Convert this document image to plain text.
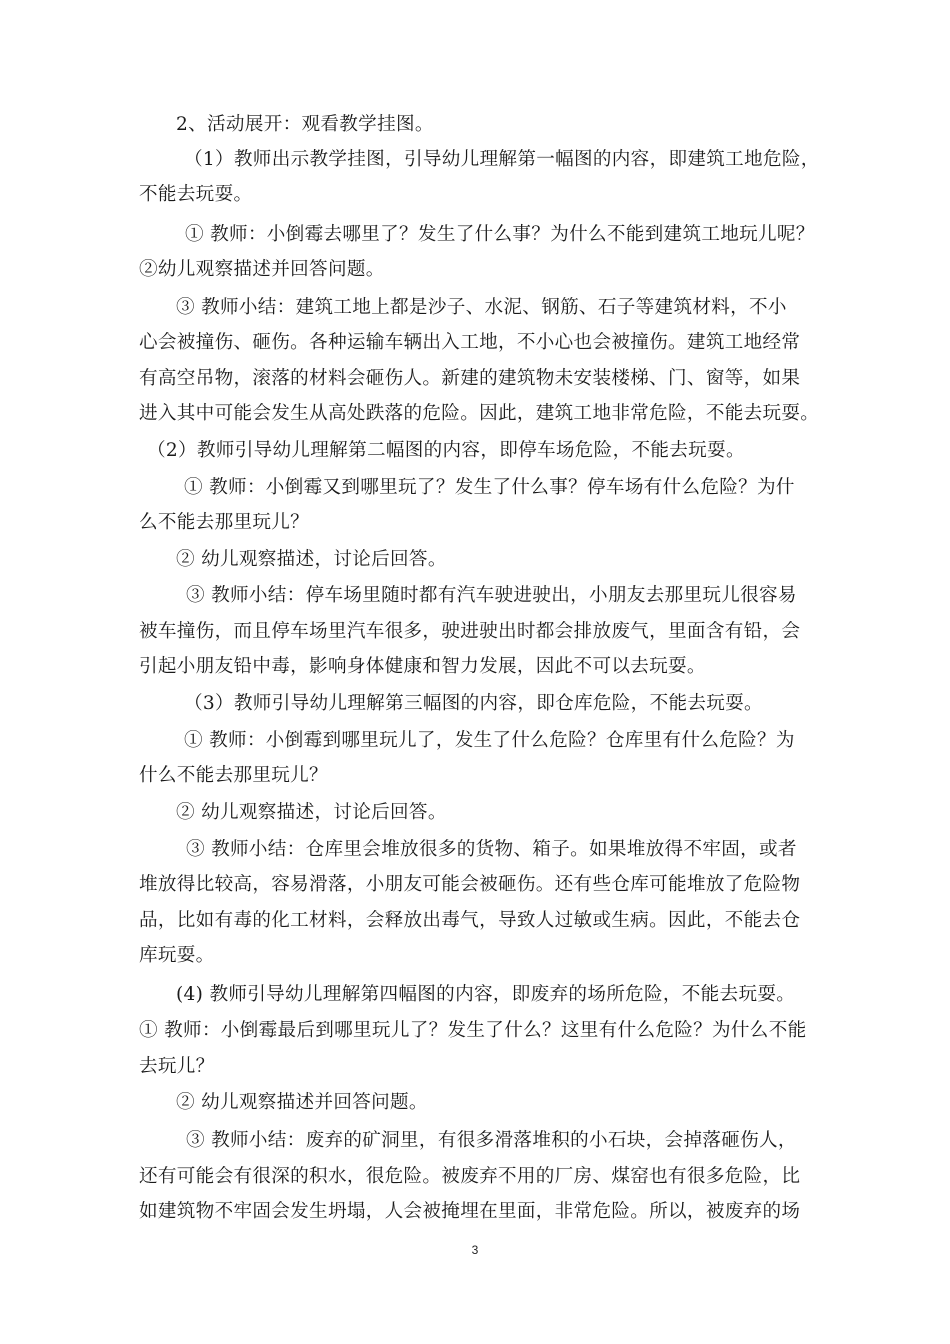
2、活动展开：观看教学挂图。
（1）教师出示教学挂图，引导幼儿理解第一幅图的内容，即建筑工地危险，
不能去玩耍。
① 教师：小倒霉去哪里了？发生了什么事？为什么不能到建筑工地玩儿呢？
②幼儿观察描述并回答问题。
③ 教师小结：建筑工地上都是沙子、水泥、钢筋、石子等建筑材料，不小
心会被撞伤、砸伤。各种运输车辆出入工地，不小心也会被撞伤。建筑工地经常
有高空吊物，滚落的材料会砸伤人。新建的建筑物未安装楼梯、门、窗等，如果
进入其中可能会发生从高处跌落的危险。因此，建筑工地非常危险，不能去玩耍。
（2）教师引导幼儿理解第二幅图的内容，即停车场危险，不能去玩耍。
① 教师：小倒霉又到哪里玩了？发生了什么事？停车场有什么危险？为什
么不能去那里玩儿？
② 幼儿观察描述，讨论后回答。
③ 教师小结：停车场里随时都有汽车驶进驶出，小朋友去那里玩儿很容易
被车撞伤，而且停车场里汽车很多，驶进驶出时都会排放废气，里面含有铅，会
引起小朋友铅中毒，影响身体健康和智力发展，因此不可以去玩耍。
（3）教师引导幼儿理解第三幅图的内容，即仓库危险，不能去玩耍。
① 教师：小倒霉到哪里玩儿了，发生了什么危险？仓库里有什么危险？为
什么不能去那里玩儿？
② 幼儿观察描述，讨论后回答。
③ 教师小结：仓库里会堆放很多的货物、箱子。如果堆放得不牢固，或者
堆放得比较高，容易滑落，小朋友可能会被砸伤。还有些仓库可能堆放了危险物
品，比如有毒的化工材料，会释放出毒气，导致人过敏或生病。因此，不能去仓
库玩耍。
(4) 教师引导幼儿理解第四幅图的内容，即废弃的场所危险，不能去玩耍。
① 教师：小倒霉最后到哪里玩儿了？发生了什么？这里有什么危险？为什么不能
去玩儿？
② 幼儿观察描述并回答问题。
③ 教师小结：废弃的矿洞里，有很多滑落堆积的小石块，会掉落砸伤人，
还有可能会有很深的积水，很危险。被废弃不用的厂房、煤窑也有很多危险，比
如建筑物不牢固会发生坍塌，人会被掩埋在里面，非常危险。所以，被废弃的场
3
